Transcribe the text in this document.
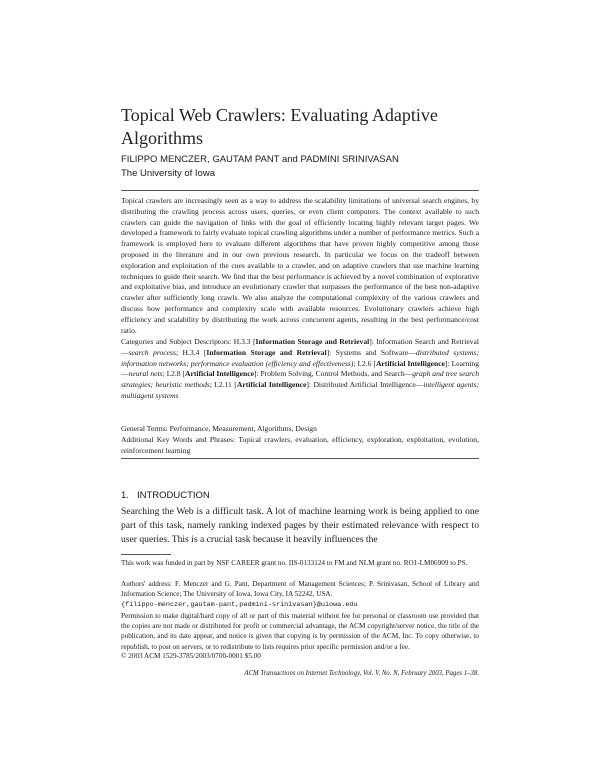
Topical Web Crawlers: Evaluating Adaptive Algorithms
FILIPPO MENCZER, GAUTAM PANT and PADMINI SRINIVASAN
The University of Iowa

Topical crawlers are increasingly seen as a way to address the scalability limitations of universal search engines, by distributing the crawling process across users, queries, or even client computers. The context available to such crawlers can guide the navigation of links with the goal of efficiently locating highly relevant target pages. We developed a framework to fairly evaluate topical crawling algorithms under a number of performance metrics. Such a framework is employed here to evaluate different algorithms that have proven highly competitive among those proposed in the literature and in our own previous research. In particular we focus on the tradeoff between exploration and exploitation of the cues available to a crawler, and on adaptive crawlers that use machine learning techniques to guide their search. We find that the best performance is achieved by a novel combination of explorative and exploitative bias, and introduce an evolutionary crawler that surpasses the performance of the best non-adaptive crawler after sufficiently long crawls. We also analyze the computational complexity of the various crawlers and discuss how performance and complexity scale with available resources. Evolutionary crawlers achieve high efficiency and scalability by distributing the work across concurrent agents, resulting in the best performance/cost ratio.

Categories and Subject Descriptors: H.3.3 [Information Storage and Retrieval]: Information Search and Retrieval—search process; H.3.4 [Information Storage and Retrieval]: Systems and Software—distributed systems; information networks; performance evaluation (efficiency and effectiveness); I.2.6 [Artificial Intelligence]: Learning—neural nets; I.2.8 [Artificial Intelligence]: Problem Solving, Control Methods, and Search—graph and tree search strategies; heuristic methods; I.2.11 [Artificial Intelligence]: Distributed Artificial Intelligence—intelligent agents; multiagent systems

General Terms: Performance, Measurement, Algorithms, Design

Additional Key Words and Phrases: Topical crawlers, evaluation, efficiency, exploration, exploitation, evolution, reinforcement learning

1. INTRODUCTION

Searching the Web is a difficult task. A lot of machine learning work is being applied to one part of this task, namely ranking indexed pages by their estimated relevance with respect to user queries. This is a crucial task because it heavily influences the

This work was funded in part by NSF CAREER grant no. IIS-0133124 to FM and NLM grant no. RO1-LM06909 to PS.

Authors' address: F. Menczer and G. Pant, Department of Management Sciences; P. Srinivasan, School of Library and Information Science; The University of Iowa, Iowa City, IA 52242, USA.
{filippo-menczer,gautam-pant,padmini-srinivasan}@uiowa.edu

Permission to make digital/hard copy of all or part of this material without fee for personal or classroom use provided that the copies are not made or distributed for profit or commercial advantage, the ACM copyright/server notice, the title of the publication, and its date appear, and notice is given that copying is by permission of the ACM, Inc. To copy otherwise, to republish, to post on servers, or to redistribute to lists requires prior specific permission and/or a fee.

© 2003 ACM 1529-3785/2003/0700-0001 $5.00

ACM Transactions on Internet Technology, Vol. V, No. N, February 2003, Pages 1–38.
